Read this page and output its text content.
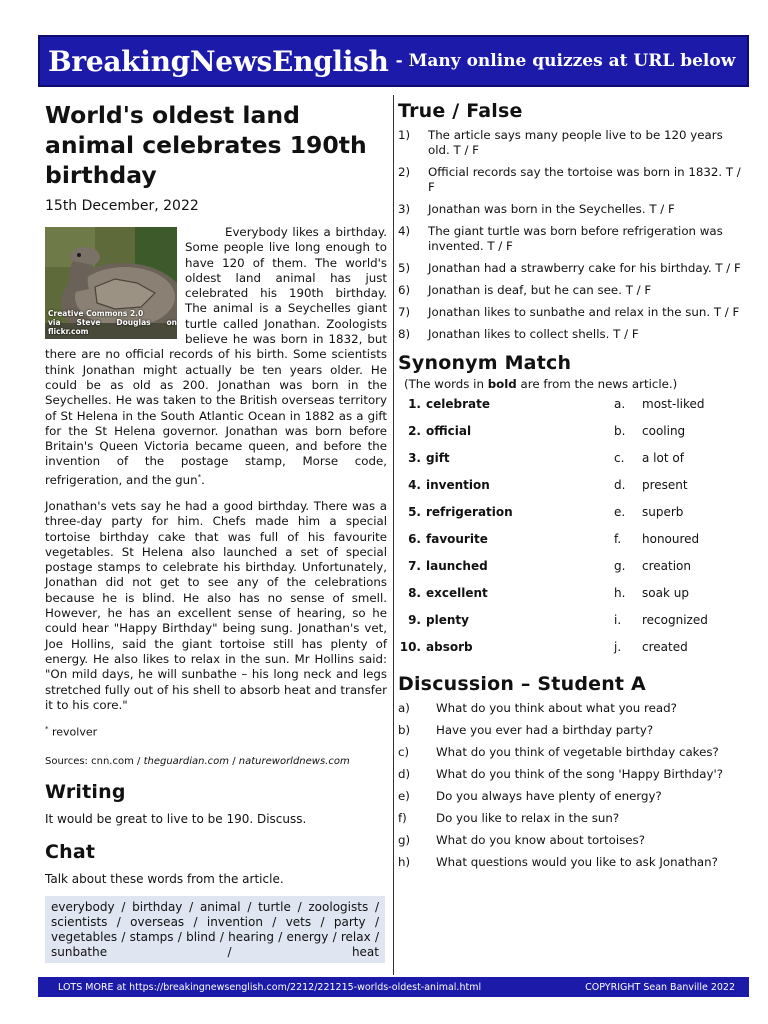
BreakingNewsEnglish - Many online quizzes at URL below
World's oldest land animal celebrates 190th birthday
15th December, 2022
Creative Commons 2.0
via Steve Douglas on flickr.com

Everybody likes a birthday. Some people live long enough to have 120 of them. The world's oldest land animal has just celebrated his 190th birthday. The animal is a Seychelles giant turtle called Jonathan. Zoologists believe he was born in 1832, but there are no official records of his birth. Some scientists think Jonathan might actually be ten years older. He could be as old as 200. Jonathan was born in the Seychelles. He was taken to the British overseas territory of St Helena in the South Atlantic Ocean in 1882 as a gift for the St Helena governor. Jonathan was born before Britain's Queen Victoria became queen, and before the invention of the postage stamp, Morse code, refrigeration, and the gun*.

Jonathan's vets say he had a good birthday. There was a three-day party for him. Chefs made him a special tortoise birthday cake that was full of his favourite vegetables. St Helena also launched a set of special postage stamps to celebrate his birthday. Unfortunately, Jonathan did not get to see any of the celebrations because he is blind. He also has no sense of smell. However, he has an excellent sense of hearing, so he could hear "Happy Birthday" being sung. Jonathan's vet, Joe Hollins, said the giant tortoise still has plenty of energy. He also likes to relax in the sun. Mr Hollins said: "On mild days, he will sunbathe – his long neck and legs stretched fully out of his shell to absorb heat and transfer it to his core."

* revolver
Sources: cnn.com / theguardian.com / natureworldnews.com
Writing
It would be great to live to be 190. Discuss.
Chat
Talk about these words from the article.
everybody / birthday / animal / turtle / zoologists / scientists / overseas / invention / vets / party / vegetables / stamps / blind / hearing / energy / relax / sunbathe / heat
True / False
1)	The article says many people live to be 120 years old. T / F
2)	Official records say the tortoise was born in 1832. T / F
3)	Jonathan was born in the Seychelles. T / F
4)	The giant turtle was born before refrigeration was invented. T / F
5)	Jonathan had a strawberry cake for his birthday. T / F
6)	Jonathan is deaf, but he can see. T / F
7)	Jonathan likes to sunbathe and relax in the sun. T / F
8)	Jonathan likes to collect shells. T / F
Synonym Match
(The words in bold are from the news article.)
1. celebrate	a.	most-liked
2. official	b.	cooling
3. gift	c.	a lot of
4. invention	d.	present
5. refrigeration	e.	superb
6. favourite	f.	honoured
7. launched	g.	creation
8. excellent	h.	soak up
9. plenty	i.	recognized
10. absorb	j.	created
Discussion – Student A
a)	What do you think about what you read?
b)	Have you ever had a birthday party?
c)	What do you think of vegetable birthday cakes?
d)	What do you think of the song 'Happy Birthday'?
e)	Do you always have plenty of energy?
f)	Do you like to relax in the sun?
g)	What do you know about tortoises?
h)	What questions would you like to ask Jonathan?
LOTS MORE at https://breakingnewsenglish.com/2212/221215-worlds-oldest-animal.html	COPYRIGHT Sean Banville 2022
